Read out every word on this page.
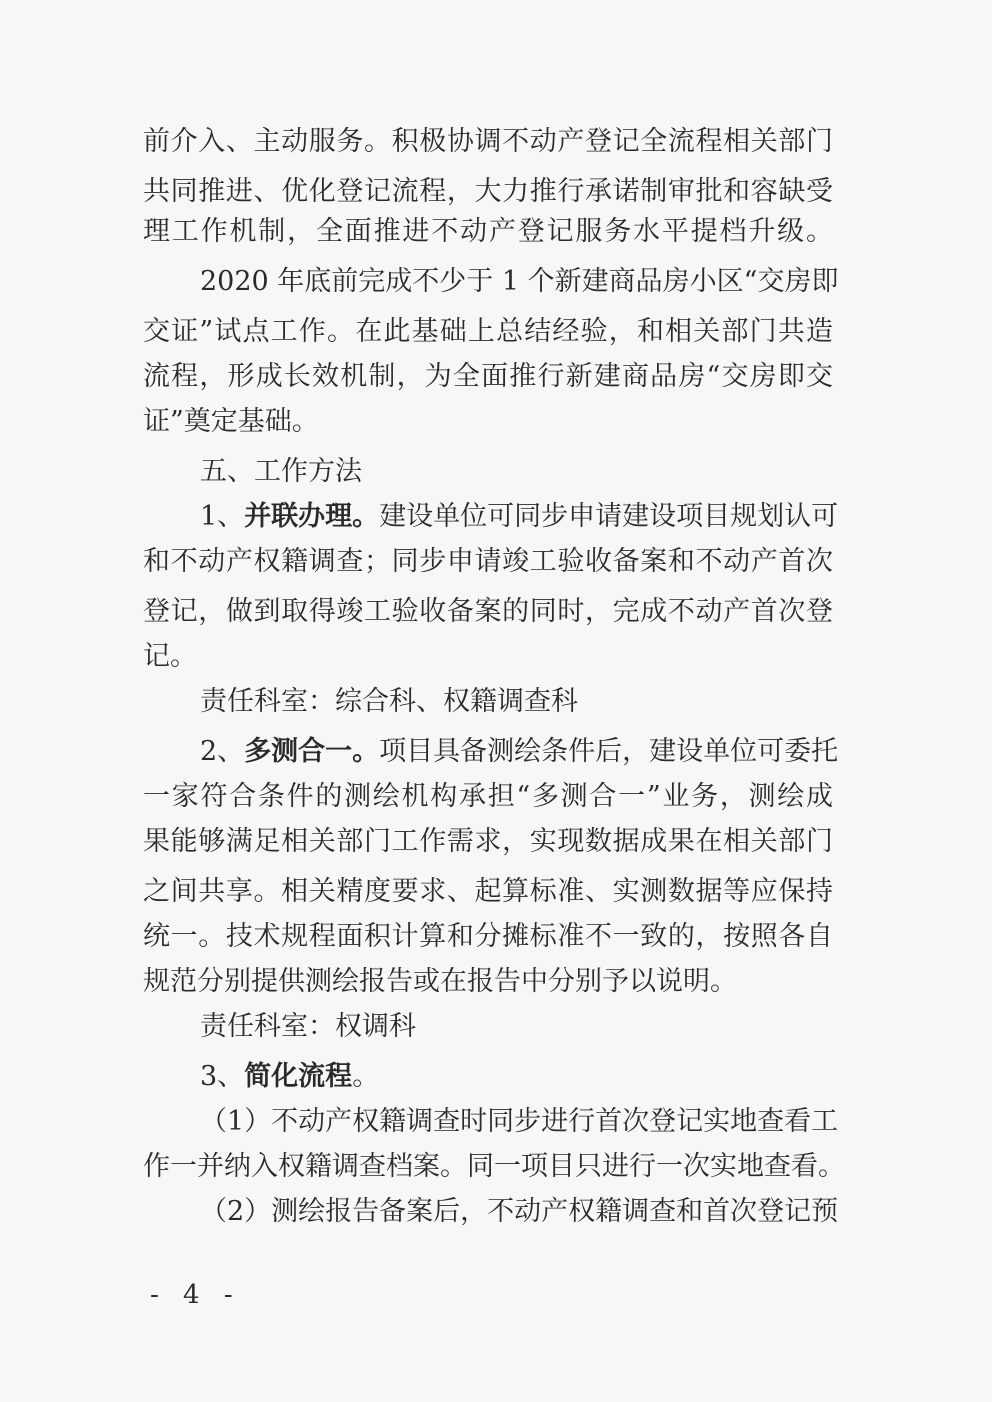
前介入、主动服务。积极协调不动产登记全流程相关部门
共同推进、优化登记流程，大力推行承诺制审批和容缺受
理工作机制，全面推进不动产登记服务水平提档升级。
2020 年底前完成不少于 1 个新建商品房小区“交房即
交证”试点工作。在此基础上总结经验，和相关部门共造
流程，形成长效机制，为全面推行新建商品房“交房即交
证”奠定基础。
五、工作方法
1、并联办理。建设单位可同步申请建设项目规划认可
和不动产权籍调查；同步申请竣工验收备案和不动产首次
登记，做到取得竣工验收备案的同时，完成不动产首次登
记。
责任科室：综合科、权籍调查科
2、多测合一。项目具备测绘条件后，建设单位可委托
一家符合条件的测绘机构承担“多测合一”业务，测绘成
果能够满足相关部门工作需求，实现数据成果在相关部门
之间共享。相关精度要求、起算标准、实测数据等应保持
统一。技术规程面积计算和分摊标准不一致的，按照各自
规范分别提供测绘报告或在报告中分别予以说明。
责任科室：权调科
3、简化流程。
（1）不动产权籍调查时同步进行首次登记实地查看工
作一并纳入权籍调查档案。同一项目只进行一次实地查看。
（2）测绘报告备案后，不动产权籍调查和首次登记预
- 4 -
